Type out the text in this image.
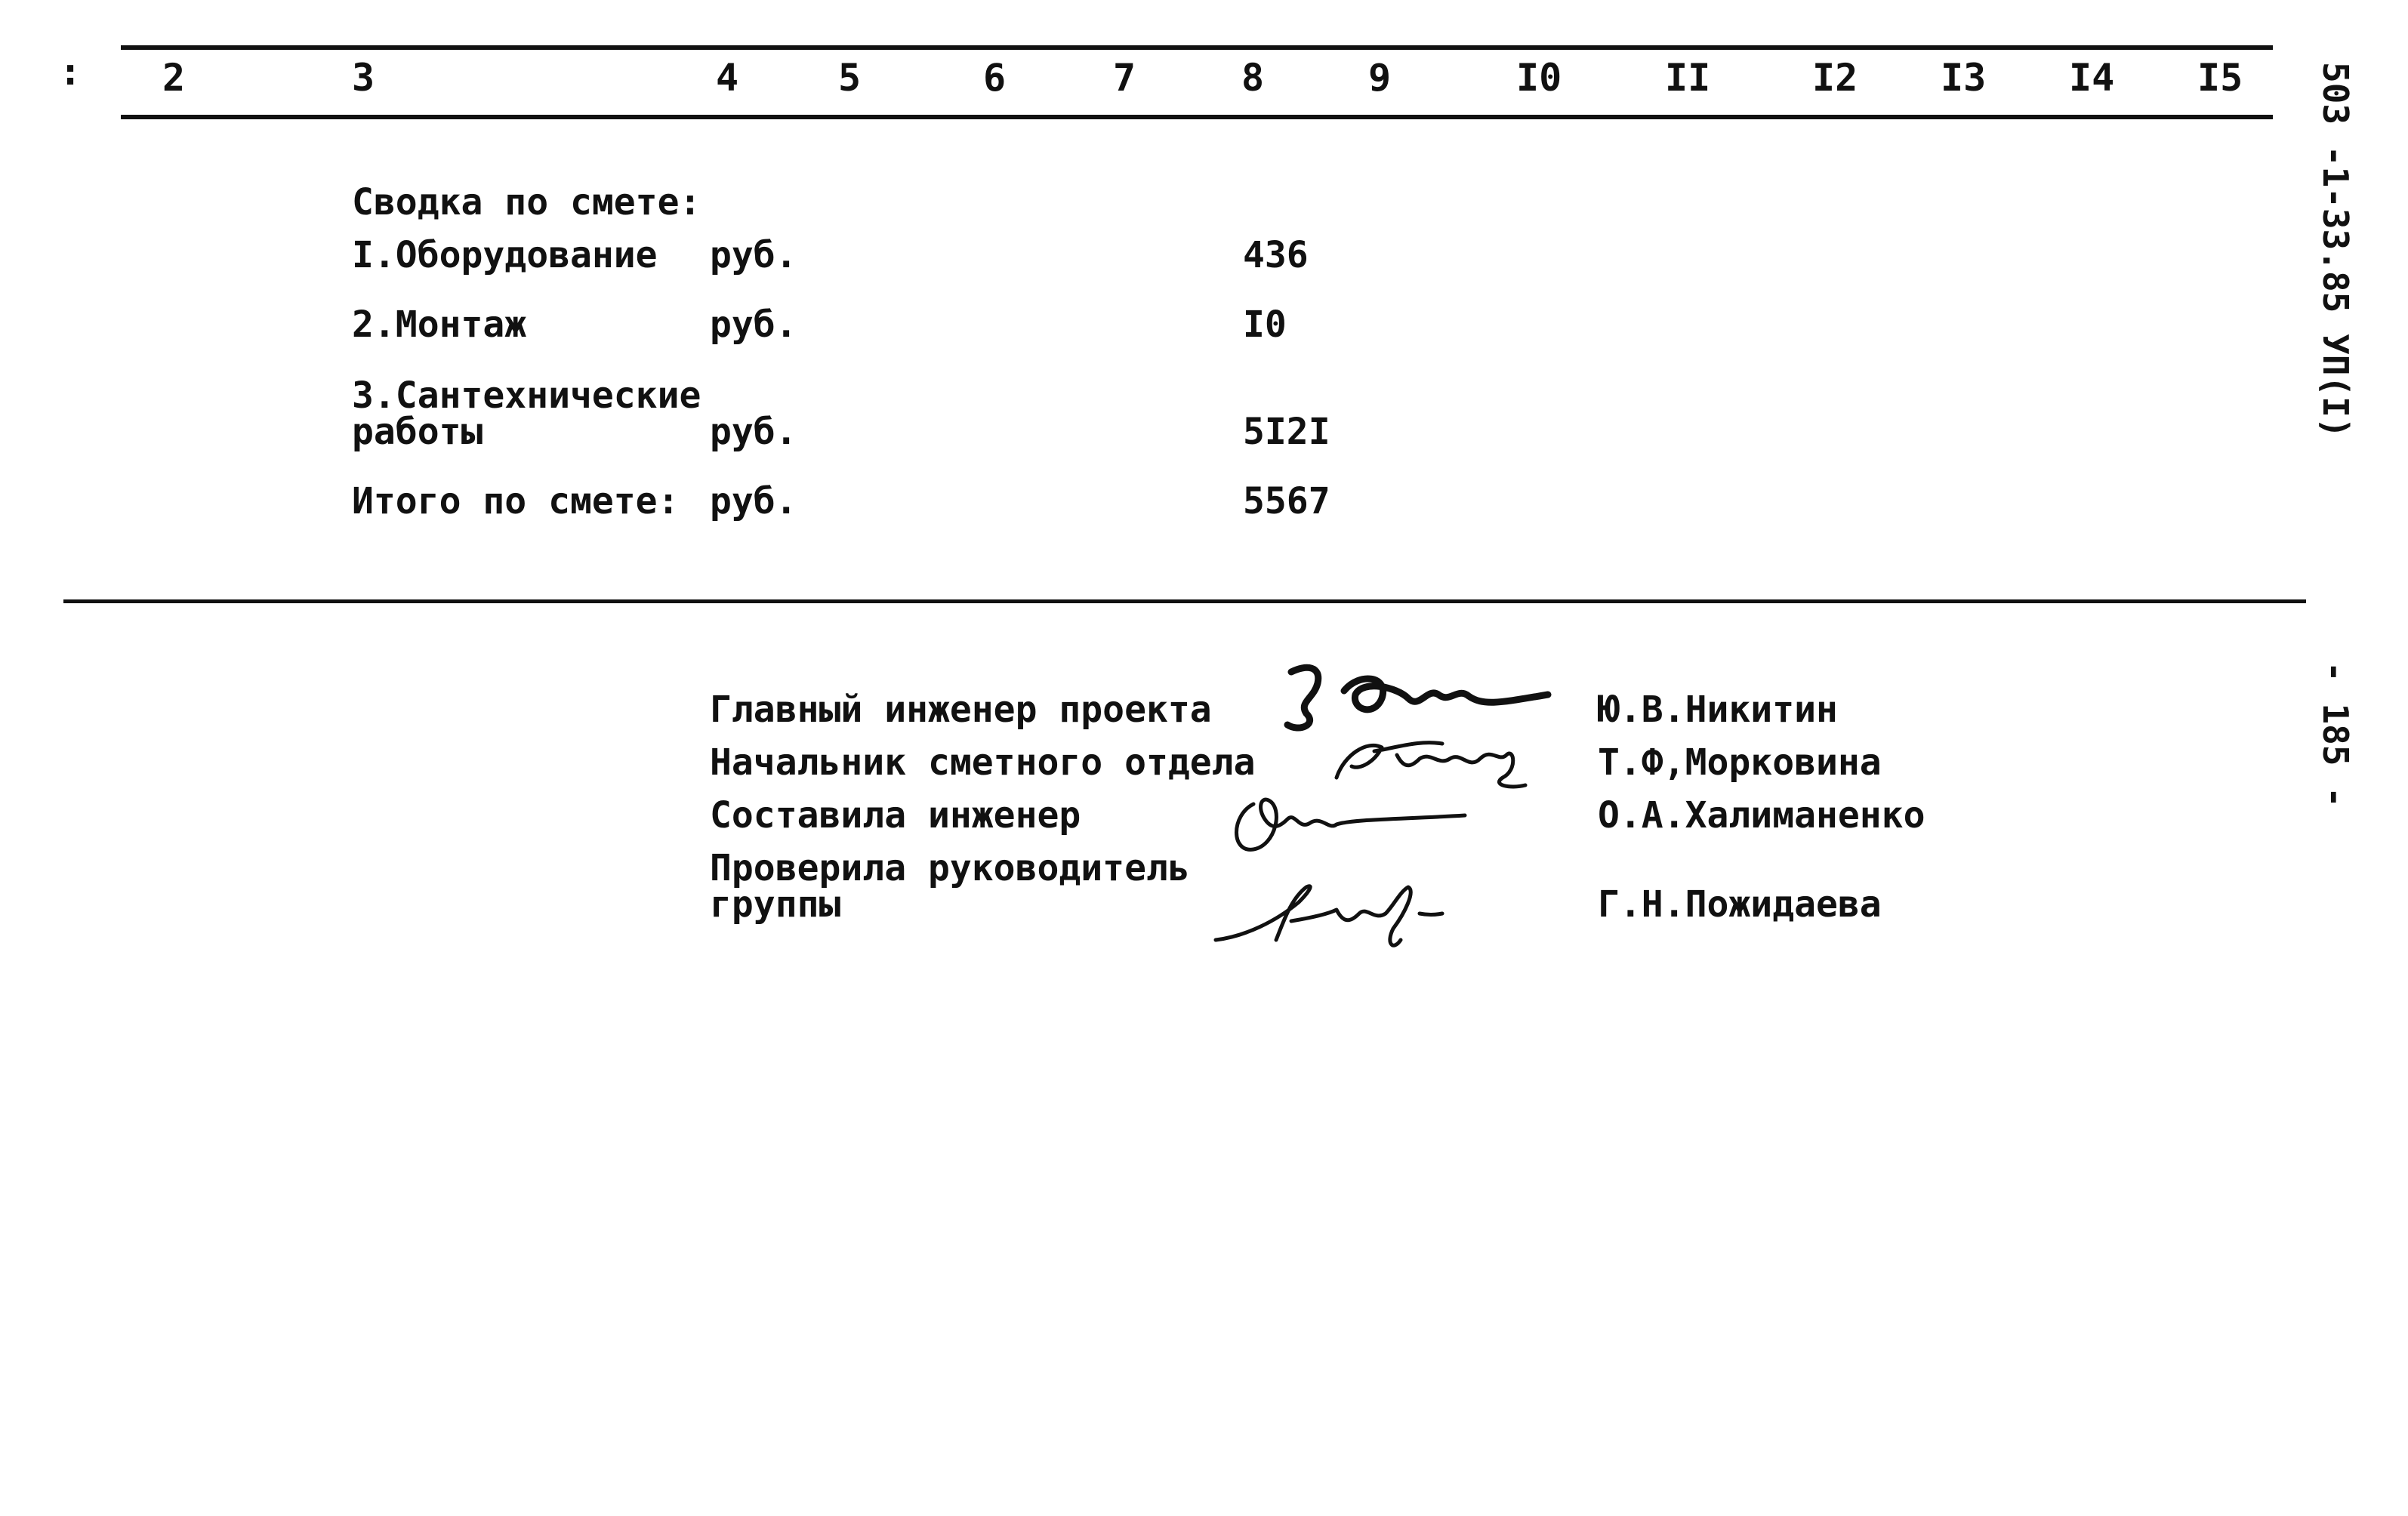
: 2	3	4	5	6	7	8	9	I0	II	I2 I3 I4 I5
Сводка по смете:
I.Оборудование руб.	436
2.Монтаж	руб.	I0
3.Сантехнические
работы	руб.	5I2I
Итого по смете: руб.	5567
Главный инженер проекта	Ю.В.Никитин
Начальник сметного отдела	Т.Ф,Морковина
Составила инженер	О.А.Халиманенко
Проверила руководитель
группы	Г.Н.Пожидаева
503 -1-33.85 УП(I)
- 185 -
